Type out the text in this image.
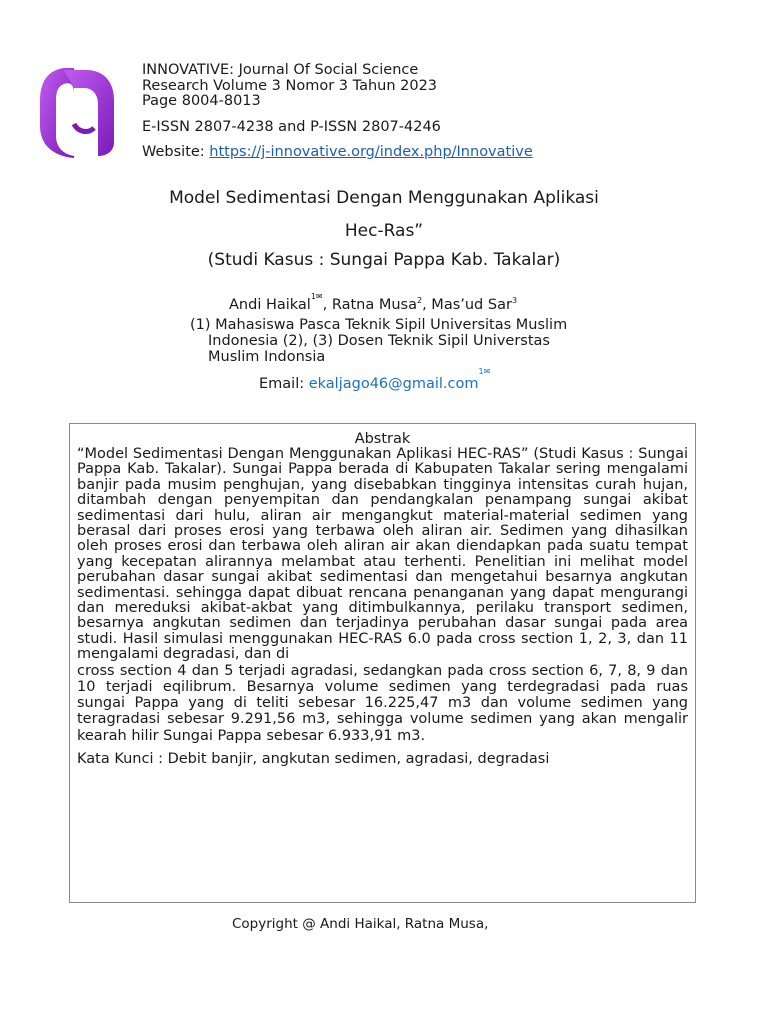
INNOVATIVE: Journal Of Social Science
Research Volume 3 Nomor 3 Tahun 2023
Page 8004-8013
E-ISSN 2807-4238 and P-ISSN 2807-4246
Website: https://j-innovative.org/index.php/Innovative
Model Sedimentasi Dengan Menggunakan Aplikasi
Hec-Ras”
(Studi Kasus : Sungai Pappa Kab. Takalar)
Andi Haikal$^{1✉}$, Ratna Musa$^2$, Mas’ud Sar$^3$
(1) Mahasiswa Pasca Teknik Sipil Universitas Muslim
Indonesia (2), (3) Dosen Teknik Sipil Universtas
Muslim Indonsia
Email: ekaljago46@gmail.com$^{1✉}$
Abstrak

“Model Sedimentasi Dengan Menggunakan Aplikasi HEC-RAS” (Studi Kasus : Sungai Pappa Kab. Takalar). Sungai Pappa berada di Kabupaten Takalar sering mengalami banjir pada musim penghujan, yang disebabkan tingginya intensitas curah hujan, ditambah dengan penyempitan dan pendangkalan penampang sungai akibat sedimentasi dari hulu, aliran air mengangkut material-material sedimen yang berasal dari proses erosi yang terbawa oleh aliran air. Sedimen yang dihasilkan oleh proses erosi dan terbawa oleh aliran air akan diendapkan pada suatu tempat yang kecepatan alirannya melambat atau terhenti. Penelitian ini melihat model perubahan dasar sungai akibat sedimentasi dan mengetahui besarnya angkutan sedimentasi. sehingga dapat dibuat rencana penanganan yang dapat mengurangi dan mereduksi akibat-akbat yang ditimbulkannya, perilaku transport sedimen, besarnya angkutan sedimen dan terjadinya perubahan dasar sungai pada area studi. Hasil simulasi menggunakan HEC-RAS 6.0 pada cross section 1, 2, 3, dan 11 mengalami degradasi, dan di

cross section 4 dan 5 terjadi agradasi, sedangkan pada cross section 6, 7, 8, 9 dan 10 terjadi eqilibrum. Besarnya volume sedimen yang terdegradasi pada ruas sungai Pappa yang di teliti sebesar 16.225,47 m3 dan volume sedimen yang teragradasi sebesar 9.291,56 m3, sehingga volume sedimen yang akan mengalir kearah hilir Sungai Pappa sebesar 6.933,91 m3.

Kata Kunci : Debit banjir, angkutan sedimen, agradasi, degradasi
Copyright @ Andi Haikal, Ratna Musa,
